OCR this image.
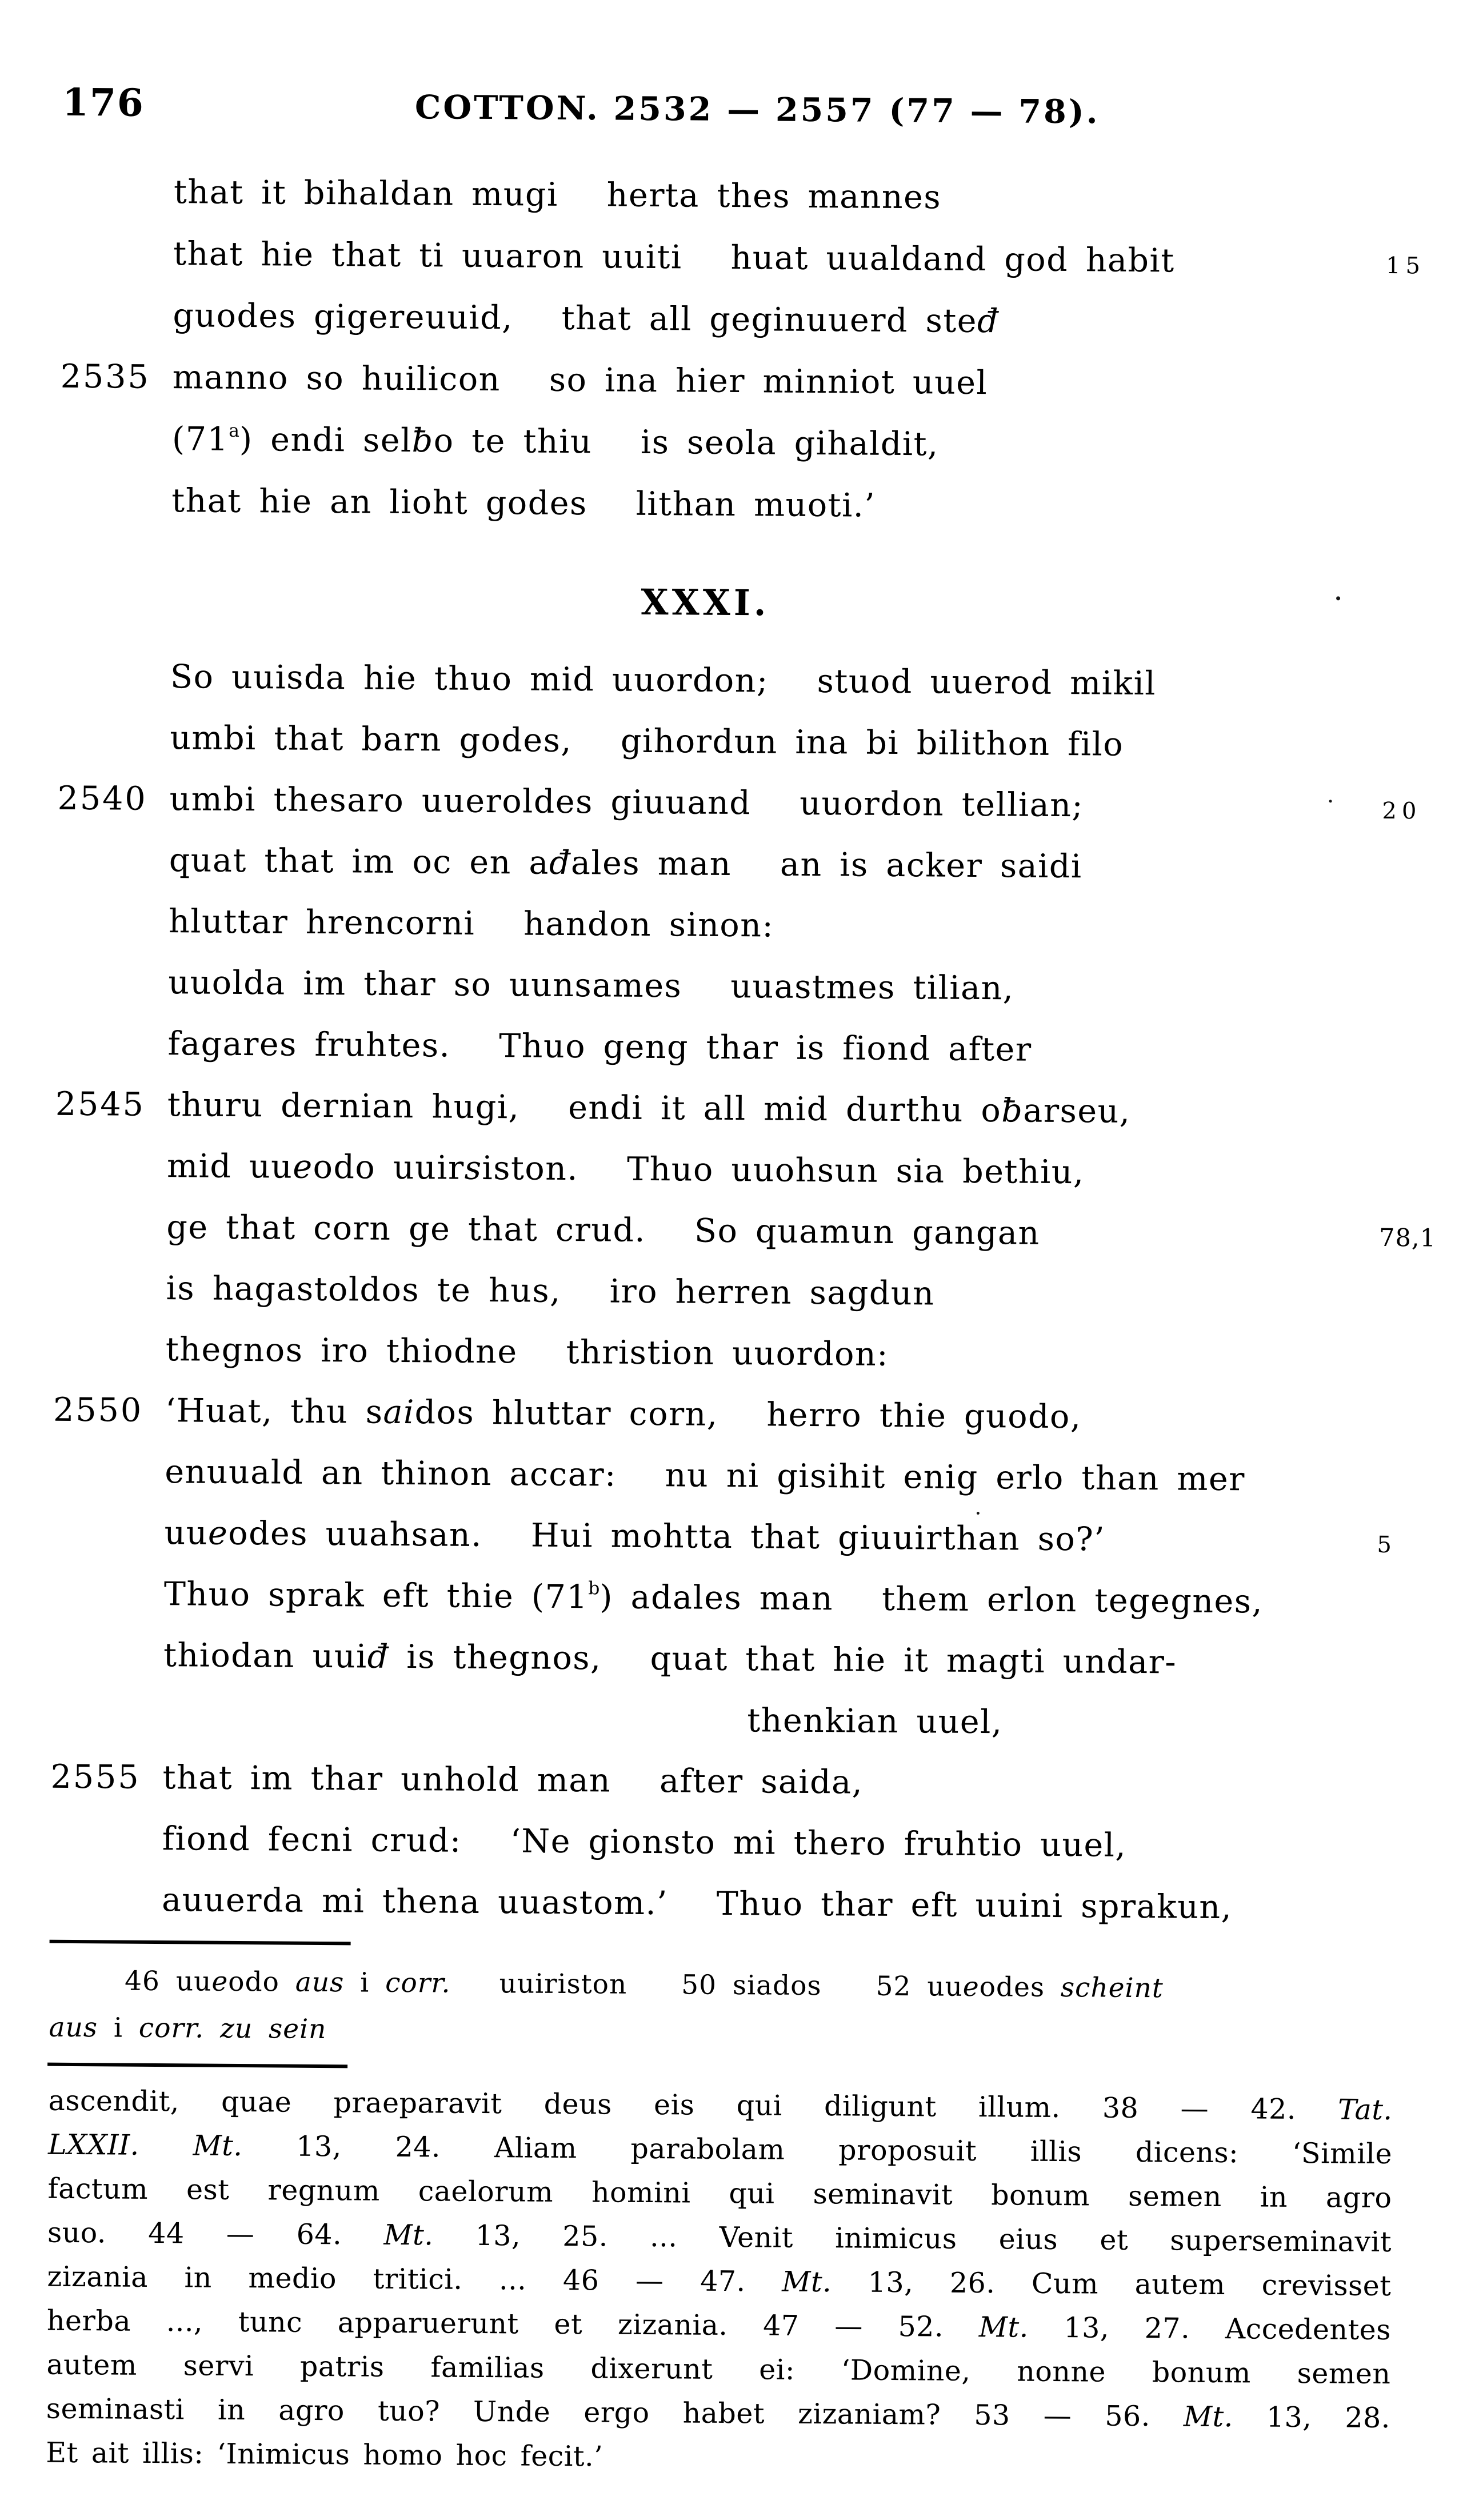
176	COTTON. 2532 — 2557 (77 — 78).
that it bihaldan mugi herta thes mannes
that hie that ti uuaron uuiti huat uualdand god habit	15
guodes gigereuuid, that all geginuuerd steđ
2535 manno so huilicon so ina hier minniot uuel
(71$^a$) endi selƀo te thiu is seola gihaldit,
that hie an lioht godes lithan muoti.’
XXXI.
So uuisda hie thuo mid uuordon; stuod uuerod mikil
umbi that barn godes, gihordun ina bi bilithon filo
2540 umbi thesaro uueroldes giuuand uuordon tellian;	20
quat that im oc en ađales man an is acker saidi
hluttar hrencorni handon sinon:
uuolda im thar so uunsames uuastmes tilian,
fagares fruhtes. Thuo geng thar is fiond after
2545 thuru dernian hugi, endi it all mid durthu oƀarseu,
mid uueodo uuirsiston. Thuo uuohsun sia bethiu,
ge that corn ge that crud. So quamun gangan	78,1
is hagastoldos te hus, iro herren sagdun
thegnos iro thiodne thristion uuordon:
2550 ‘Huat, thu saidos hluttar corn, herro thie guodo,
enuuald an thinon accar: nu ni gisihit enig erlo than mer
uueodes uuahsan. Hui mohtta that giuuirthan so?’	5
Thuo sprak eft thie (71$^b$) adales man them erlon tegegnes,
thiodan uuiđ is thegnos, quat that hie it magti undar-
thenkian uuel,
2555 that im thar unhold man after saida,
fiond fecni crud: ‘Ne gionsto mi thero fruhtio uuel,
auuerda mi thena uuastom.’ Thuo thar eft uuini sprakun,
46 uueodo aus i corr. uuiriston 50 siados 52 uueodes scheint
aus i corr. zu sein
ascendit, quae praeparavit deus eis qui diligunt illum. 38 — 42. Tat.
LXXII. Mt. 13, 24. Aliam parabolam proposuit illis dicens: ‘Simile
factum est regnum caelorum homini qui seminavit bonum semen in agro
suo. 44 — 64. Mt. 13, 25. ... Venit inimicus eius et superseminavit
zizania in medio tritici. ... 46 — 47. Mt. 13, 26. Cum autem crevisset
herba ..., tunc apparuerunt et zizania. 47 — 52. Mt. 13, 27. Accedentes
autem servi patris familias dixerunt ei: ‘Domine, nonne bonum semen
seminasti in agro tuo? Unde ergo habet zizaniam? 53 — 56. Mt. 13, 28.
Et ait illis: ‘Inimicus homo hoc fecit.’
